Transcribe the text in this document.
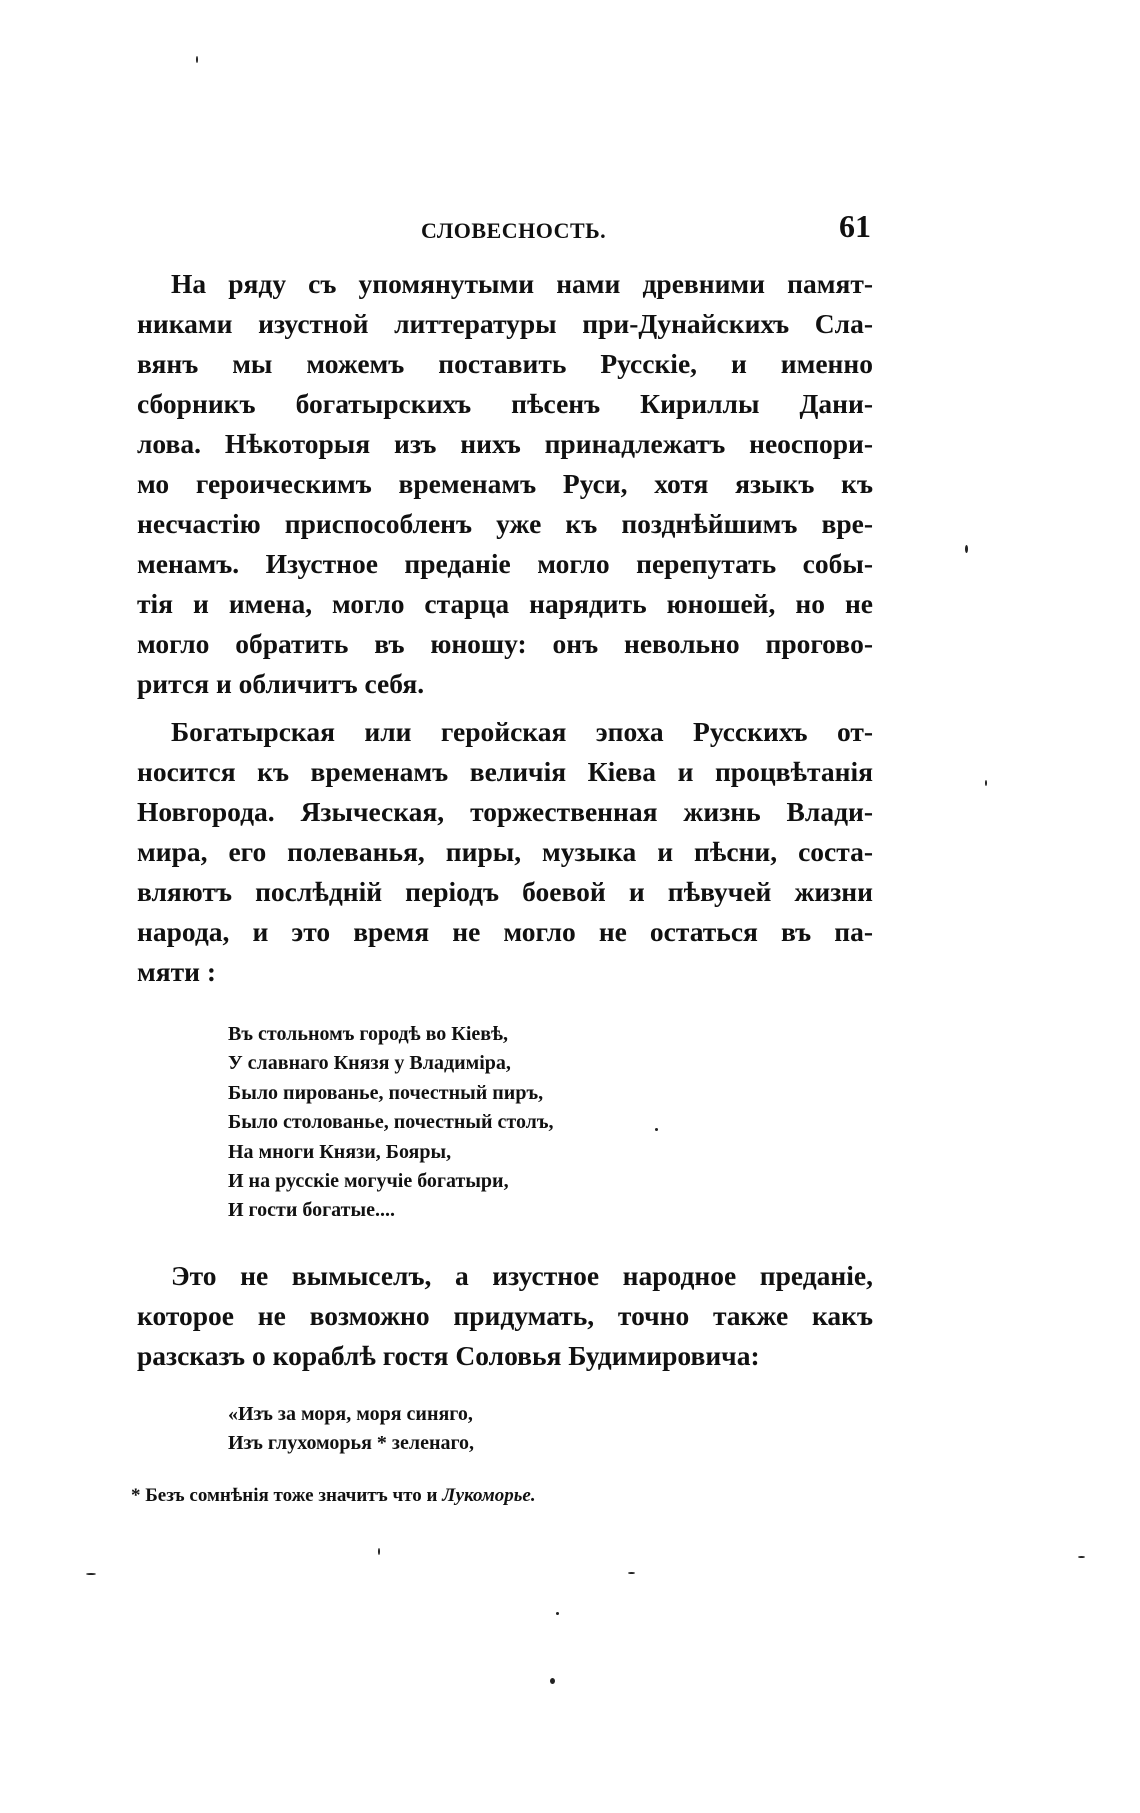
СЛОВЕСНОСТЬ.	61
На ряду съ упомянутыми нами древними памят-
никами изустной литтературы при-Дунайскихъ Сла-
вянъ мы можемъ поставить Русскіе, и именно
сборникъ богатырскихъ пѣсенъ Кириллы Дани-
лова. Нѣкоторыя изъ нихъ принадлежатъ неоспори-
мо героическимъ временамъ Руси, хотя языкъ къ
несчастію приспособленъ уже къ позднѣйшимъ вре-
менамъ. Изустное преданіе могло перепутать собы-
тія и имена, могло старца нарядить юношей, но не
могло обратить въ юношу: онъ невольно проговo-
рится и обличитъ себя.
Богатырская или геройская эпоха Русскихъ от-
носится къ временамъ величія Кіева и процвѣтанія
Новгорода. Языческая, торжественная жизнь Влади-
мира, его полеванья, пиры, музыка и пѣсни, соста-
вляютъ послѣдній періодъ боевой и пѣвучей жизни
народа, и это время не могло не остаться въ па-
мяти :
Въ стольномъ городѣ во Кіевѣ,
У славнаго Князя у Владиміра,
Было пированье, почестный пиръ,
Было столованье, почестный столъ,
На многи Князи, Бояры,
И на русскіе могучіе богатыри,
И гости богатые....
Это не вымыселъ, а изустное народное преданіе,
которое не возможно придумать, точно также какъ
разсказъ о кораблѣ гостя Соловья Будимировича:
«Изъ за моря, моря синяго,
Изъ глухоморья * зеленаго,
* Безъ сомнѣнія тоже значитъ что и Лукоморье.
